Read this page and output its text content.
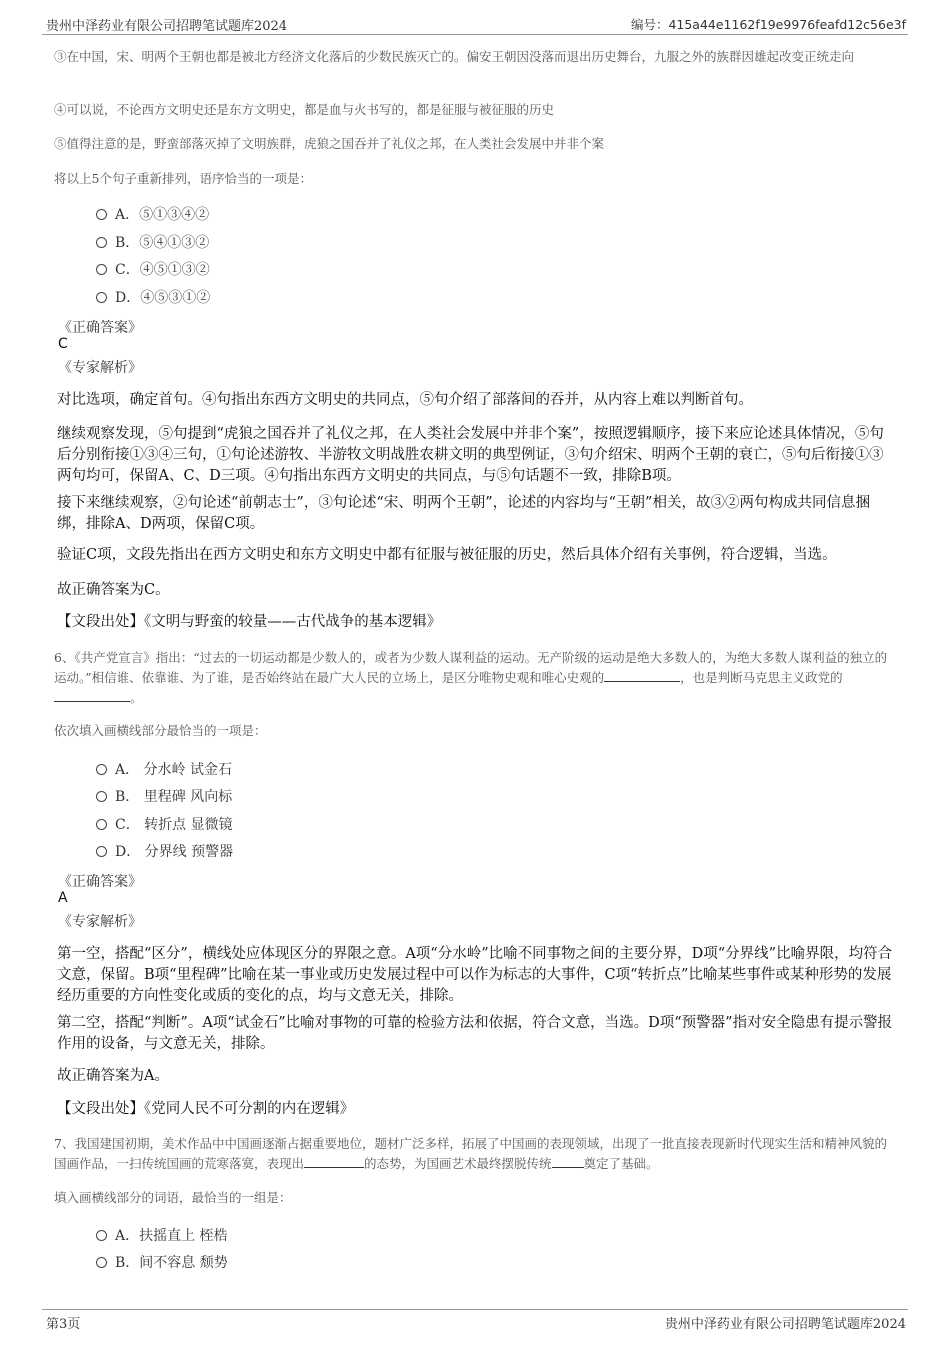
贵州中泽药业有限公司招聘笔试题库2024	编号：415a44e1162f19e9976feafd12c56e3f
③在中国，宋、明两个王朝也都是被北方经济文化落后的少数民族灭亡的。偏安王朝因没落而退出历史舞台，九服之外的族群因雄起改变正统走向
④可以说，不论西方文明史还是东方文明史，都是血与火书写的，都是征服与被征服的历史
⑤值得注意的是，野蛮部落灭掉了文明族群，虎狼之国吞并了礼仪之邦，在人类社会发展中并非个案
将以上5个句子重新排列，语序恰当的一项是：
A．⑤①③④②
B．⑤④①③②
C．④⑤①③②
D．④⑤③①②
《正确答案》
C
《专家解析》
对比选项，确定首句。④句指出东西方文明史的共同点，⑤句介绍了部落间的吞并，从内容上难以判断首句。
继续观察发现，⑤句提到“虎狼之国吞并了礼仪之邦，在人类社会发展中并非个案”，按照逻辑顺序，接下来应论述具体情况，⑤句后分别衔接①③④三句，①句论述游牧、半游牧文明战胜农耕文明的典型例证，③句介绍宋、明两个王朝的衰亡，⑤句后衔接①③两句均可，保留A、C、D三项。④句指出东西方文明史的共同点，与⑤句话题不一致，排除B项。
接下来继续观察，②句论述“前朝志士”，③句论述“宋、明两个王朝”，论述的内容均与“王朝”相关，故③②两句构成共同信息捆绑，排除A、D两项，保留C项。
验证C项，文段先指出在西方文明史和东方文明史中都有征服与被征服的历史，然后具体介绍有关事例，符合逻辑，当选。
故正确答案为C。
【文段出处】《文明与野蛮的较量——古代战争的基本逻辑》
6、《共产党宣言》指出：“过去的一切运动都是少数人的，或者为少数人谋利益的运动。无产阶级的运动是绝大多数人的，为绝大多数人谋利益的独立的运动。”相信谁、依靠谁、为了谁，是否始终站在最广大人民的立场上，是区分唯物史观和唯心史观的	，也是判断马克思主义政党的。
依次填入画横线部分最恰当的一项是：
A． 分水岭 试金石
B． 里程碑 风向标
C． 转折点 显微镜
D． 分界线 预警器
《正确答案》
A
《专家解析》
第一空，搭配“区分”，横线处应体现区分的界限之意。A项“分水岭”比喻不同事物之间的主要分界，D项“分界线”比喻界限，均符合文意，保留。B项“里程碑”比喻在某一事业或历史发展过程中可以作为标志的大事件，C项“转折点”比喻某些事件或某种形势的发展经历重要的方向性变化或质的变化的点，均与文意无关，排除。
第二空，搭配“判断”。A项“试金石”比喻对事物的可靠的检验方法和依据，符合文意，当选。D项“预警器”指对安全隐患有提示警报作用的设备，与文意无关，排除。
故正确答案为A。
【文段出处】《党同人民不可分割的内在逻辑》
7、我国建国初期，美术作品中中国画逐渐占据重要地位，题材广泛多样，拓展了中国画的表现领域，出现了一批直接表现新时代现实生活和精神风貌的国画作品，一扫传统国画的荒寒落寞，表现出	的态势，为国画艺术最终摆脱传统	奠定了基础。
填入画横线部分的词语，最恰当的一组是：
A．扶摇直上 桎梏
B．间不容息 颓势
第3页	贵州中泽药业有限公司招聘笔试题库2024
